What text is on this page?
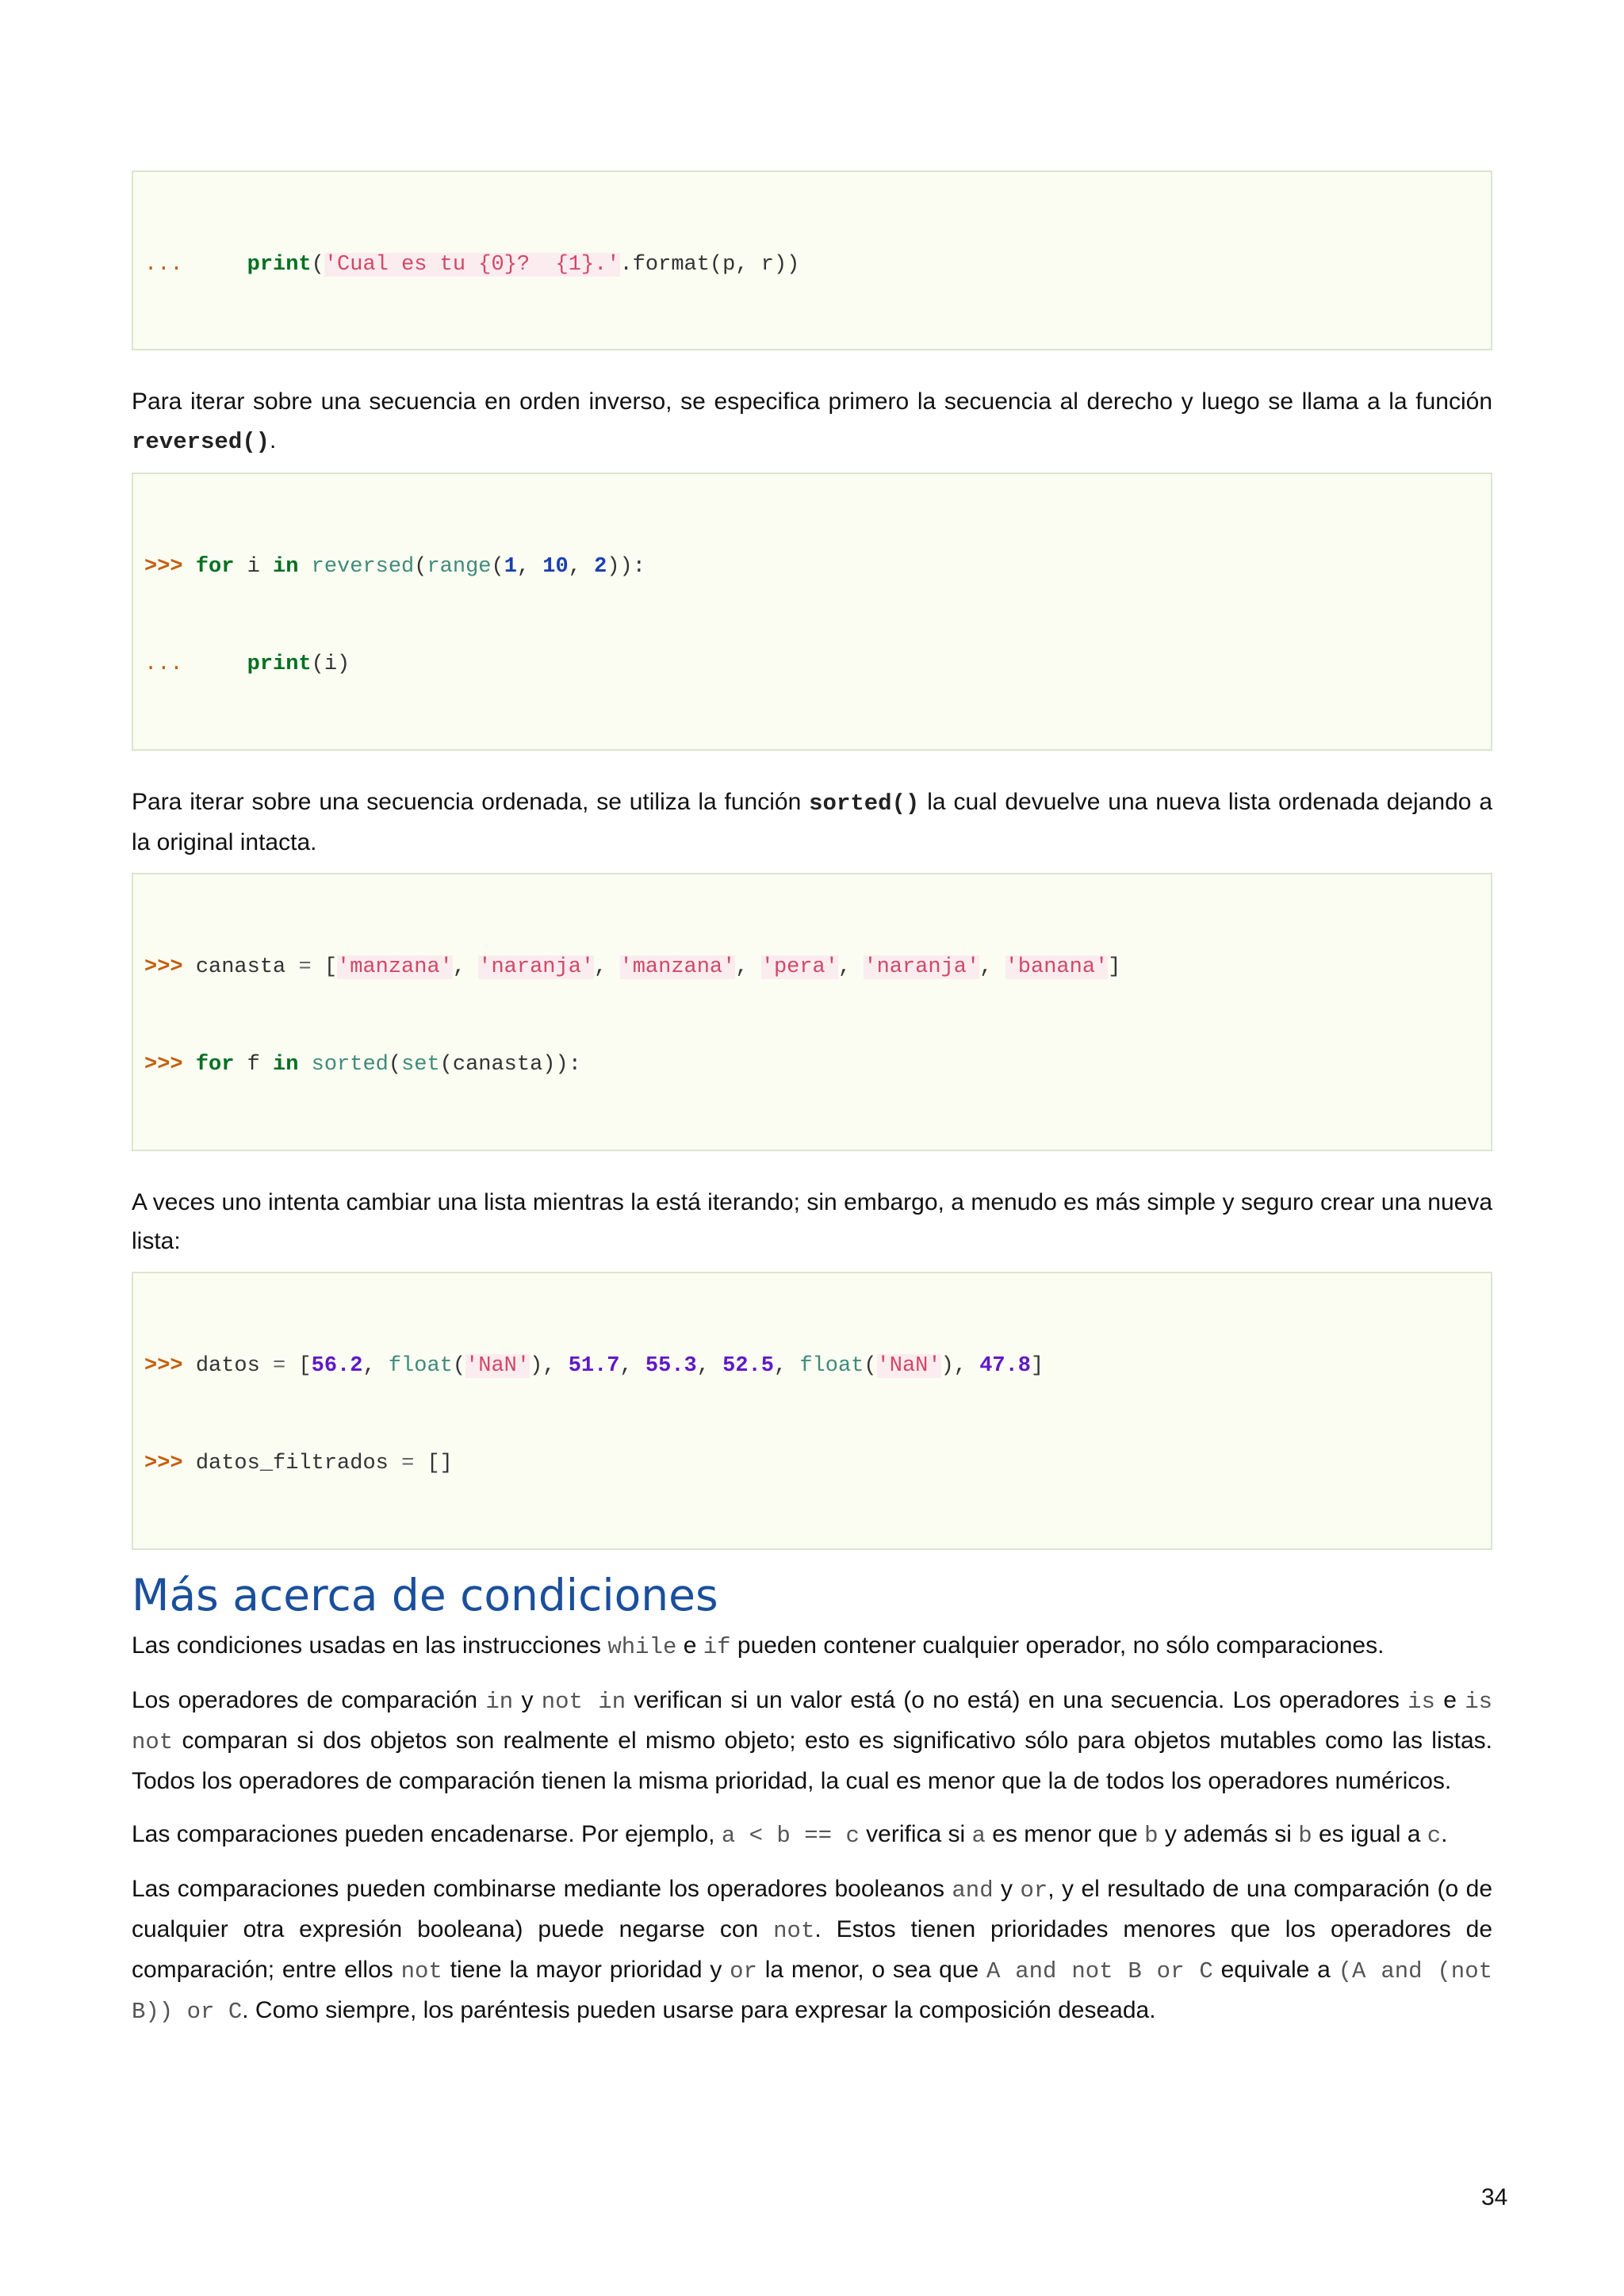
...	print('Cual es tu {0}?  {1}.'.format(p, r))

Para iterar sobre una secuencia en orden inverso, se especifica primero la secuencia al derecho y luego se llama a la función reversed().

>>> for i in reversed(range(1, 10, 2)):

...	print(i)

Para iterar sobre una secuencia ordenada, se utiliza la función sorted() la cual devuelve una nueva lista ordenada dejando a la original intacta.

>>> canasta = ['manzana', 'naranja', 'manzana', 'pera', 'naranja', 'banana']

>>> for f in sorted(set(canasta)):

A veces uno intenta cambiar una lista mientras la está iterando; sin embargo, a menudo es más simple y seguro crear una nueva lista:

>>> datos = [56.2, float('NaN'), 51.7, 55.3, 52.5, float('NaN'), 47.8]

>>> datos_filtrados = []

Más acerca de condiciones

Las condiciones usadas en las instrucciones while e if pueden contener cualquier operador, no sólo comparaciones.

Los operadores de comparación in y not in verifican si un valor está (o no está) en una secuencia. Los operadores is e is not comparan si dos objetos son realmente el mismo objeto; esto es significativo sólo para objetos mutables como las listas. Todos los operadores de comparación tienen la misma prioridad, la cual es menor que la de todos los operadores numéricos.

Las comparaciones pueden encadenarse. Por ejemplo, a < b == c verifica si a es menor que b y además si b es igual a c.

Las comparaciones pueden combinarse mediante los operadores booleanos and y or, y el resultado de una comparación (o de cualquier otra expresión booleana) puede negarse con not. Estos tienen prioridades menores que los operadores de comparación; entre ellos not tiene la mayor prioridad y or la menor, o sea que A and not B or C equivale a (A and (not B)) or C. Como siempre, los paréntesis pueden usarse para expresar la composición deseada.

34
